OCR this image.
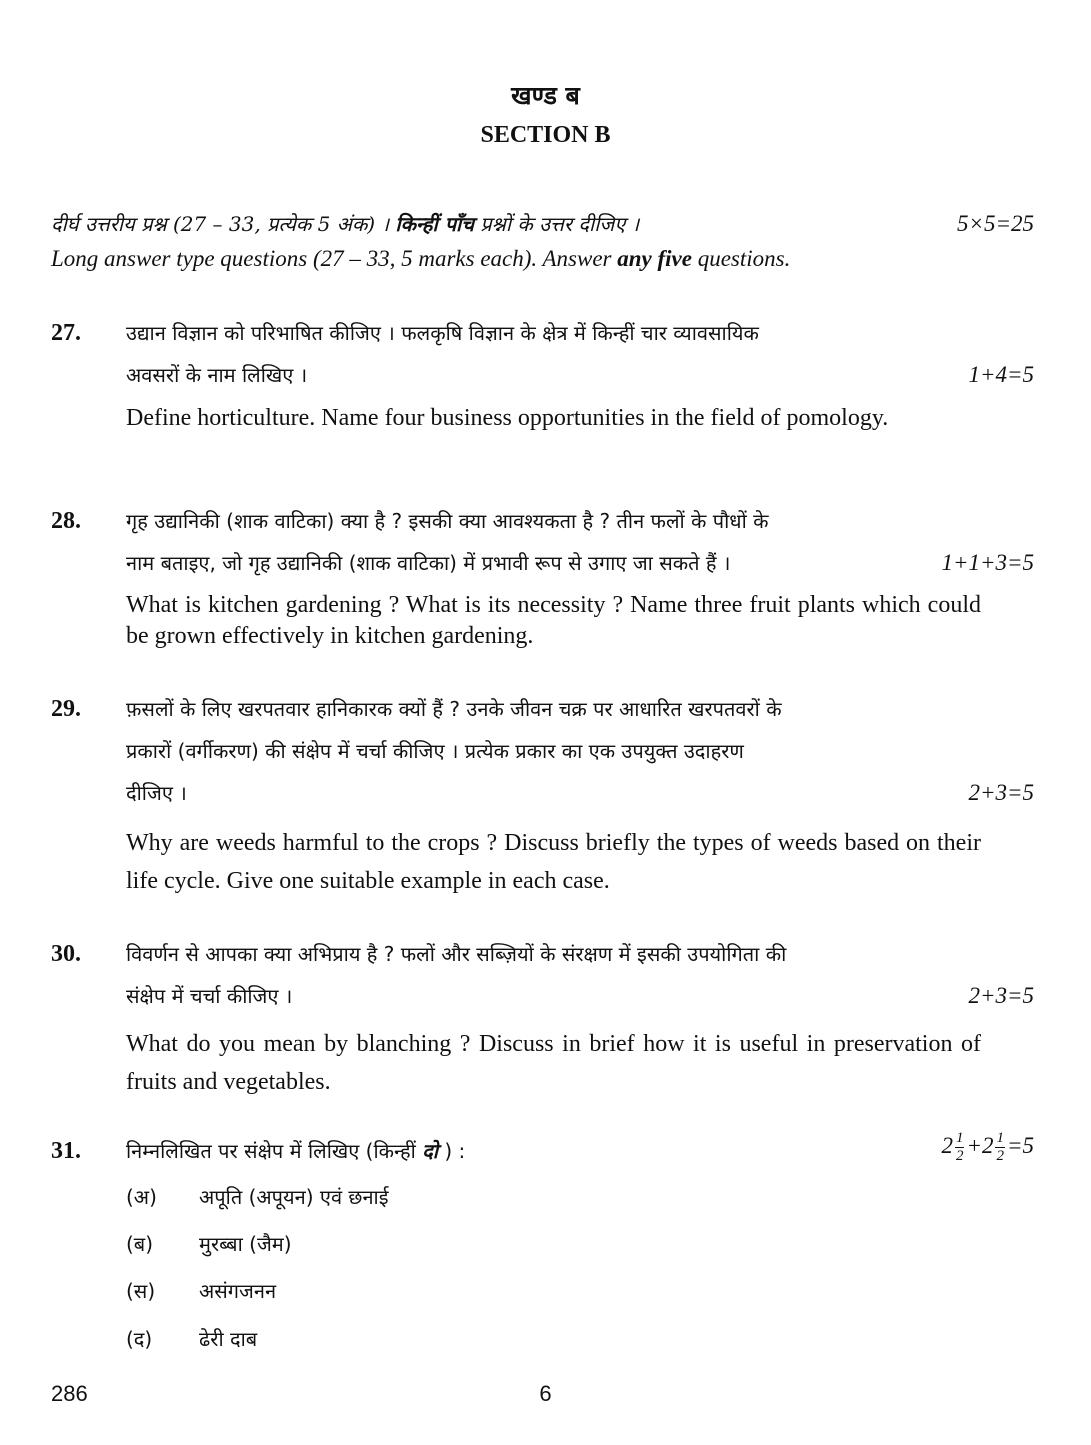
खण्ड ब
SECTION B
दीर्घ उत्तरीय प्रश्न (27 – 33, प्रत्येक 5 अंक) । किन्हीं पाँच प्रश्नों के उत्तर दीजिए ।	5×5=25
Long answer type questions (27 – 33, 5 marks each). Answer any five questions.
27. उद्यान विज्ञान को परिभाषित कीजिए । फलकृषि विज्ञान के क्षेत्र में किन्हीं चार व्यावसायिक
अवसरों के नाम लिखिए ।	1+4=5
Define horticulture. Name four business opportunities in the field of pomology.
28. गृह उद्यानिकी (शाक वाटिका) क्या है ? इसकी क्या आवश्यकता है ? तीन फलों के पौधों के
नाम बताइए, जो गृह उद्यानिकी (शाक वाटिका) में प्रभावी रूप से उगाए जा सकते हैं ।	1+1+3=5
What is kitchen gardening ? What is its necessity ? Name three fruit plants which could be grown effectively in kitchen gardening.
29. फ़सलों के लिए खरपतवार हानिकारक क्यों हैं ? उनके जीवन चक्र पर आधारित खरपतवरों के
प्रकारों (वर्गीकरण) की संक्षेप में चर्चा कीजिए । प्रत्येक प्रकार का एक उपयुक्त उदाहरण
दीजिए ।	2+3=5
Why are weeds harmful to the crops ? Discuss briefly the types of weeds based on their life cycle. Give one suitable example in each case.
30. विवर्णन से आपका क्या अभिप्राय है ? फलों और सब्ज़ियों के संरक्षण में इसकी उपयोगिता की
संक्षेप में चर्चा कीजिए ।	2+3=5
What do you mean by blanching ? Discuss in brief how it is useful in preservation of fruits and vegetables.
31. निम्नलिखित पर संक्षेप में लिखिए (किन्हीं दो ) :	$2 \frac{1}{2} +2 \frac{1}{2} =5$
(अ) अपूति (अपूयन) एवं छनाई
(ब) मुरब्बा (जैम)
(स) असंगजनन
(द) ढेरी दाब
286	6
